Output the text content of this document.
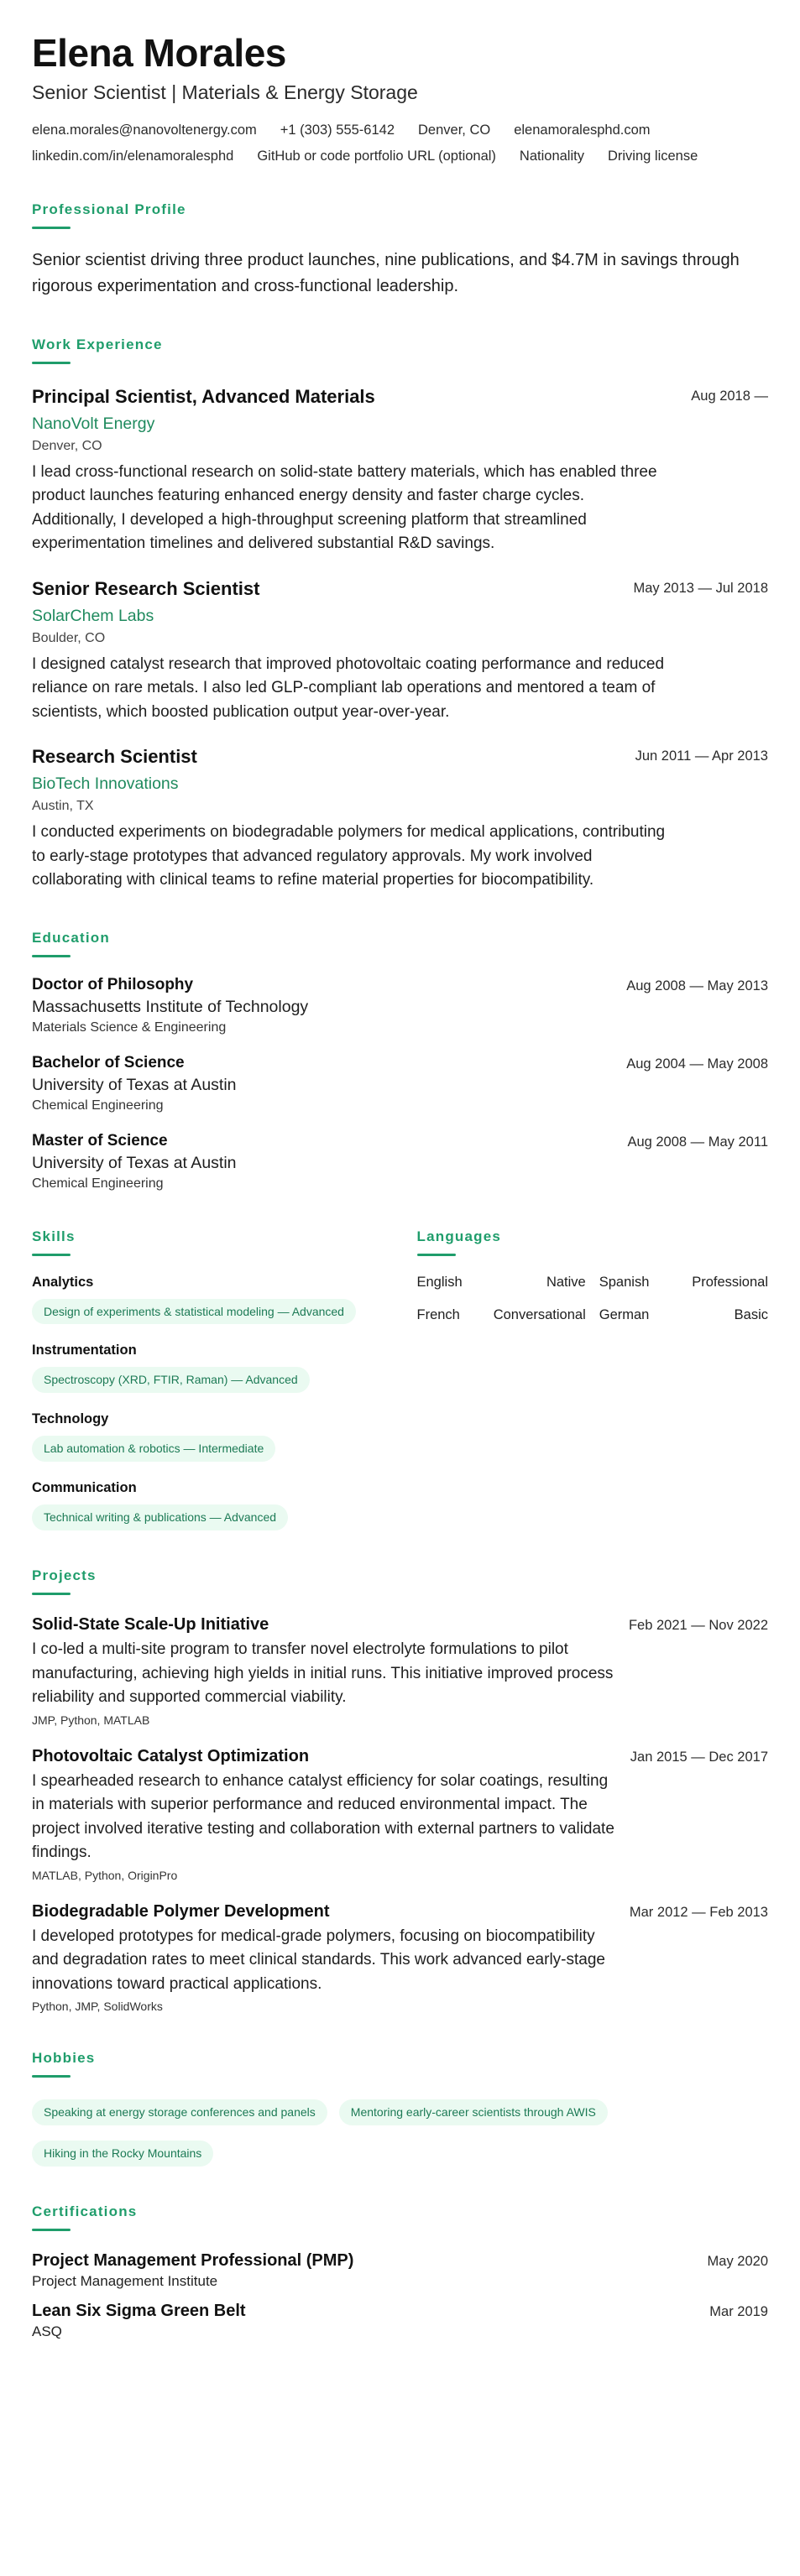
Elena Morales
Senior Scientist | Materials & Energy Storage
elena.morales@nanovoltenergy.com +1 (303) 555-6142 Denver, CO elenamoralesphd.com
linkedin.com/in/elenamoralesphd GitHub or code portfolio URL (optional) Nationality Driving license
Professional Profile
Senior scientist driving three product launches, nine publications, and $4.7M in savings through rigorous experimentation and cross-functional leadership.
Work Experience
Principal Scientist, Advanced Materials	Aug 2018 —
NanoVolt Energy
Denver, CO
I lead cross-functional research on solid-state battery materials, which has enabled three product launches featuring enhanced energy density and faster charge cycles. Additionally, I developed a high-throughput screening platform that streamlined experimentation timelines and delivered substantial R&D savings.
Senior Research Scientist	May 2013 — Jul 2018
SolarChem Labs
Boulder, CO
I designed catalyst research that improved photovoltaic coating performance and reduced reliance on rare metals. I also led GLP-compliant lab operations and mentored a team of scientists, which boosted publication output year-over-year.
Research Scientist	Jun 2011 — Apr 2013
BioTech Innovations
Austin, TX
I conducted experiments on biodegradable polymers for medical applications, contributing to early-stage prototypes that advanced regulatory approvals. My work involved collaborating with clinical teams to refine material properties for biocompatibility.
Education
Doctor of Philosophy	Aug 2008 — May 2013
Massachusetts Institute of Technology
Materials Science & Engineering
Bachelor of Science	Aug 2004 — May 2008
University of Texas at Austin
Chemical Engineering
Master of Science	Aug 2008 — May 2011
University of Texas at Austin
Chemical Engineering
Skills
Analytics
Design of experiments & statistical modeling — Advanced
Instrumentation
Spectroscopy (XRD, FTIR, Raman) — Advanced
Technology
Lab automation & robotics — Intermediate
Communication
Technical writing & publications — Advanced
Languages
English	Native Spanish	Professional
French Conversational German	Basic
Projects
Solid-State Scale-Up Initiative	Feb 2021 — Nov 2022
I co-led a multi-site program to transfer novel electrolyte formulations to pilot manufacturing, achieving high yields in initial runs. This initiative improved process reliability and supported commercial viability.
JMP, Python, MATLAB
Photovoltaic Catalyst Optimization	Jan 2015 — Dec 2017
I spearheaded research to enhance catalyst efficiency for solar coatings, resulting in materials with superior performance and reduced environmental impact. The project involved iterative testing and collaboration with external partners to validate findings.
MATLAB, Python, OriginPro
Biodegradable Polymer Development	Mar 2012 — Feb 2013
I developed prototypes for medical-grade polymers, focusing on biocompatibility and degradation rates to meet clinical standards. This work advanced early-stage innovations toward practical applications.
Python, JMP, SolidWorks
Hobbies
Speaking at energy storage conferences and panels	Mentoring early-career scientists through AWIS
Hiking in the Rocky Mountains
Certifications
Project Management Professional (PMP)	May 2020
Project Management Institute
Lean Six Sigma Green Belt	Mar 2019
ASQ
